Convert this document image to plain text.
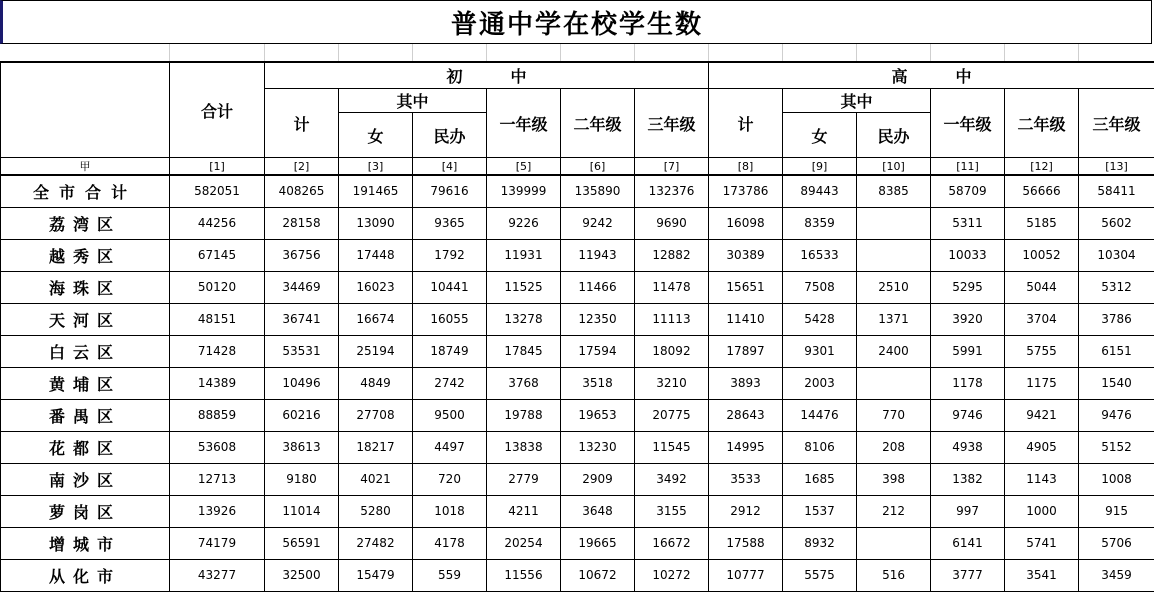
普通中学在校学生数

	合计	初　　　中						高　　　中					
		计	其中		一年级	二年级	三年级	计	其中		一年级	二年级	三年级
			女	民办					女	民办			
甲	[1]	[2]	[3]	[4]	[5]	[6]	[7]	[8]	[9]	[10]	[11]	[12]	[13]
全市合计	582051	408265	191465	79616	139999	135890	132376	173786	89443	8385	58709	56666	58411
荔湾区	44256	28158	13090	9365	9226	9242	9690	16098	8359		5311	5185	5602
越秀区	67145	36756	17448	1792	11931	11943	12882	30389	16533		10033	10052	10304
海珠区	50120	34469	16023	10441	11525	11466	11478	15651	7508	2510	5295	5044	5312
天河区	48151	36741	16674	16055	13278	12350	11113	11410	5428	1371	3920	3704	3786
白云区	71428	53531	25194	18749	17845	17594	18092	17897	9301	2400	5991	5755	6151
黄埔区	14389	10496	4849	2742	3768	3518	3210	3893	2003		1178	1175	1540
番禺区	88859	60216	27708	9500	19788	19653	20775	28643	14476	770	9746	9421	9476
花都区	53608	38613	18217	4497	13838	13230	11545	14995	8106	208	4938	4905	5152
南沙区	12713	9180	4021	720	2779	2909	3492	3533	1685	398	1382	1143	1008
萝岗区	13926	11014	5280	1018	4211	3648	3155	2912	1537	212	997	1000	915
增城市	74179	56591	27482	4178	20254	19665	16672	17588	8932		6141	5741	5706
从化市	43277	32500	15479	559	11556	10672	10272	10777	5575	516	3777	3541	3459
